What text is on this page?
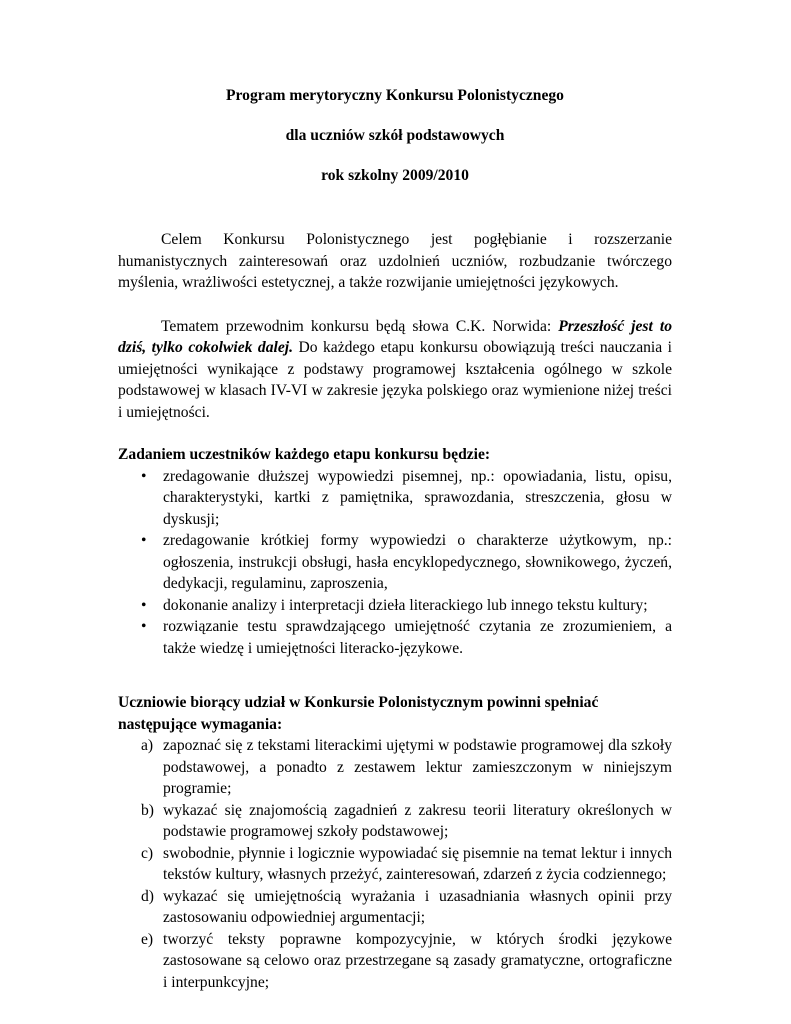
Program merytoryczny Konkursu Polonistycznego

dla uczniów szkół podstawowych

rok szkolny 2009/2010

Celem Konkursu Polonistycznego jest pogłębianie i rozszerzanie humanistycznych zainteresowań oraz uzdolnień uczniów, rozbudzanie twórczego myślenia, wrażliwości estetycznej, a także rozwijanie umiejętności językowych.

Tematem przewodnim konkursu będą słowa C.K. Norwida: Przeszłość jest to dziś, tylko cokolwiek dalej. Do każdego etapu konkursu obowiązują treści nauczania i umiejętności wynikające z podstawy programowej kształcenia ogólnego w szkole podstawowej w klasach IV-VI w zakresie języka polskiego oraz wymienione niżej treści i umiejętności.

Zadaniem uczestników każdego etapu konkursu będzie:

• zredagowanie dłuższej wypowiedzi pisemnej, np.: opowiadania, listu, opisu, charakterystyki, kartki z pamiętnika, sprawozdania, streszczenia, głosu w dyskusji;
• zredagowanie krótkiej formy wypowiedzi o charakterze użytkowym, np.: ogłoszenia, instrukcji obsługi, hasła encyklopedycznego, słownikowego, życzeń, dedykacji, regulaminu, zaproszenia,
• dokonanie analizy i interpretacji dzieła literackiego lub innego tekstu kultury;
• rozwiązanie testu sprawdzającego umiejętność czytania ze zrozumieniem, a także wiedzę i umiejętności literacko-językowe.

Uczniowie biorący udział w Konkursie Polonistycznym powinni spełniać następujące wymagania:

a) zapoznać się z tekstami literackimi ujętymi w podstawie programowej dla szkoły podstawowej, a ponadto z zestawem lektur zamieszczonym w niniejszym programie;
b) wykazać się znajomością zagadnień z zakresu teorii literatury określonych w podstawie programowej szkoły podstawowej;
c) swobodnie, płynnie i logicznie wypowiadać się pisemnie na temat lektur i innych tekstów kultury, własnych przeżyć, zainteresowań, zdarzeń z życia codziennego;
d) wykazać się umiejętnością wyrażania i uzasadniania własnych opinii przy zastosowaniu odpowiedniej argumentacji;
e) tworzyć teksty poprawne kompozycyjnie, w których środki językowe zastosowane są celowo oraz przestrzegane są zasady gramatyczne, ortograficzne i interpunkcyjne;
